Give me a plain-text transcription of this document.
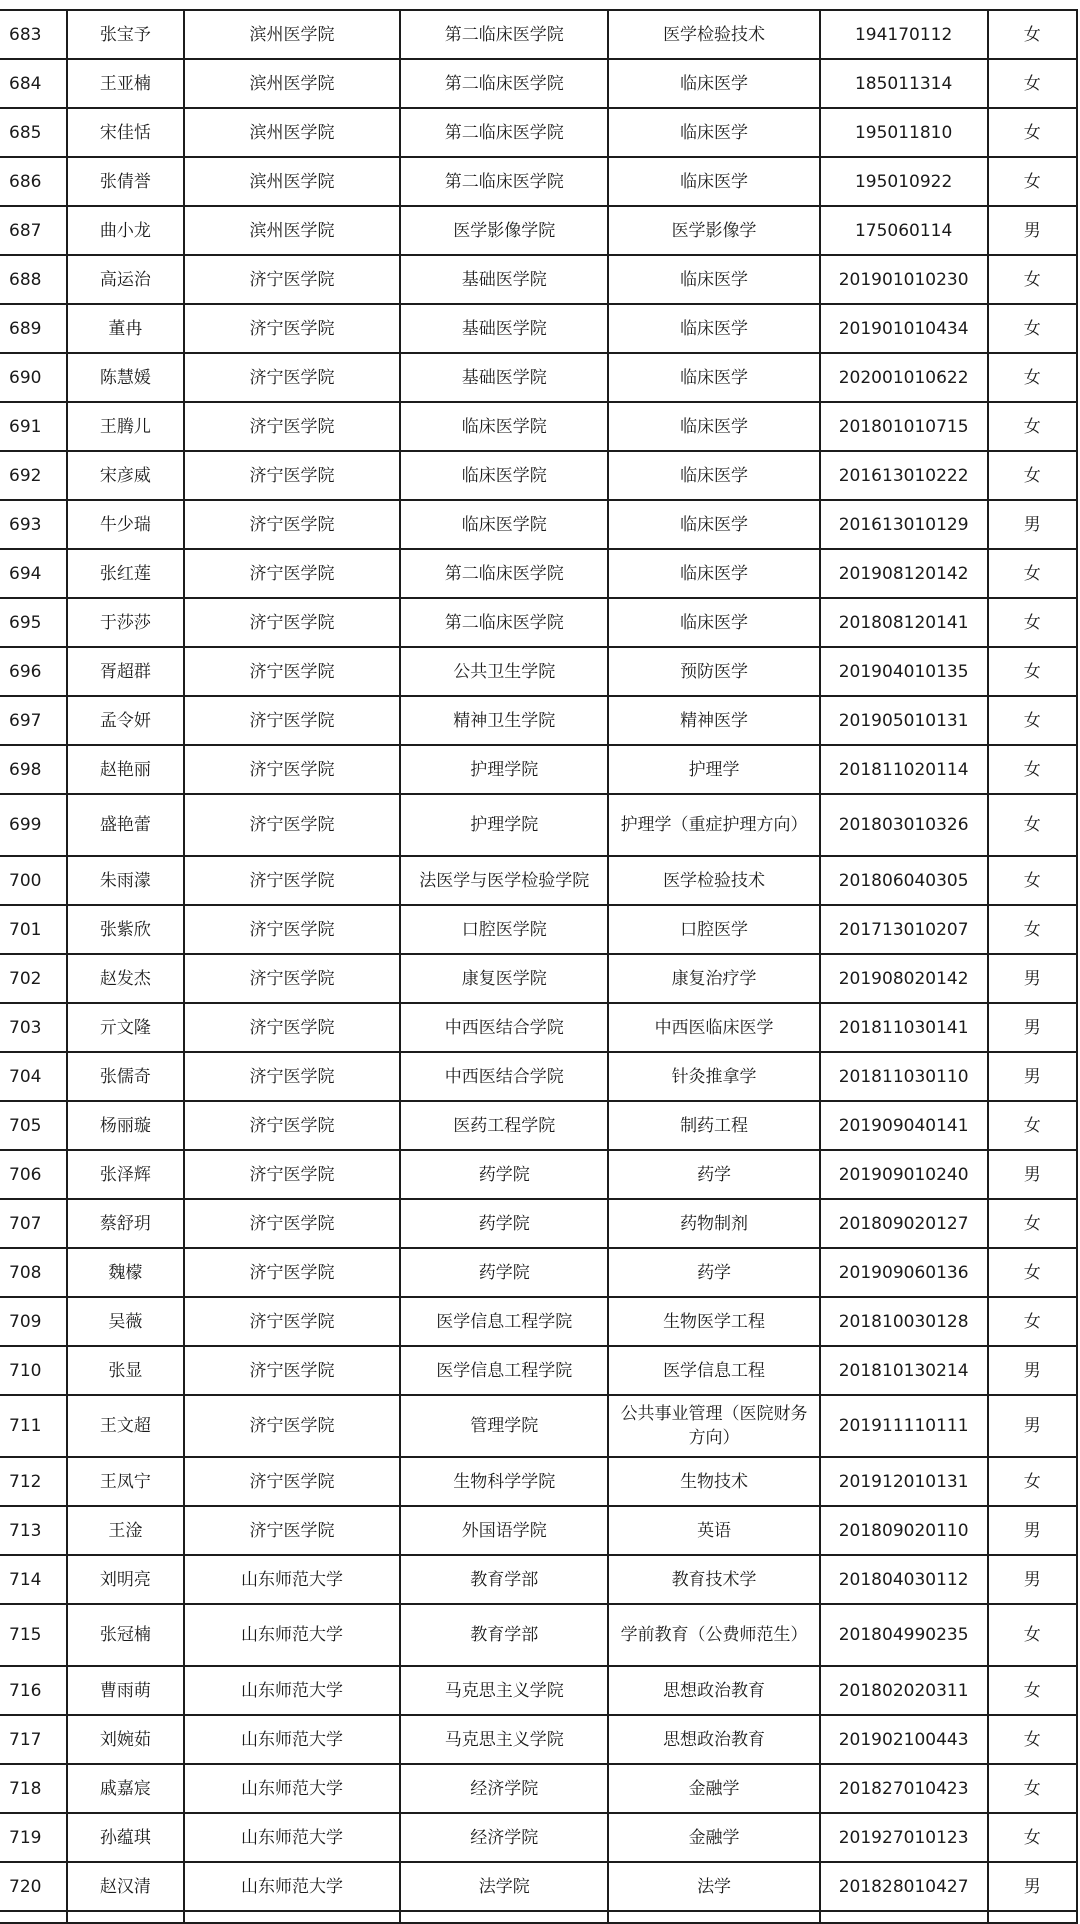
683	张宝予	滨州医学院	第二临床医学院	医学检验技术	194170112	女
684	王亚楠	滨州医学院	第二临床医学院	临床医学	185011314	女
685	宋佳恬	滨州医学院	第二临床医学院	临床医学	195011810	女
686	张倩誉	滨州医学院	第二临床医学院	临床医学	195010922	女
687	曲小龙	滨州医学院	医学影像学院	医学影像学	175060114	男
688	高运治	济宁医学院	基础医学院	临床医学	201901010230	女
689	董冉	济宁医学院	基础医学院	临床医学	201901010434	女
690	陈慧媛	济宁医学院	基础医学院	临床医学	202001010622	女
691	王腾儿	济宁医学院	临床医学院	临床医学	201801010715	女
692	宋彦威	济宁医学院	临床医学院	临床医学	201613010222	女
693	牛少瑞	济宁医学院	临床医学院	临床医学	201613010129	男
694	张红莲	济宁医学院	第二临床医学院	临床医学	201908120142	女
695	于莎莎	济宁医学院	第二临床医学院	临床医学	201808120141	女
696	胥超群	济宁医学院	公共卫生学院	预防医学	201904010135	女
697	孟令妍	济宁医学院	精神卫生学院	精神医学	201905010131	女
698	赵艳丽	济宁医学院	护理学院	护理学	201811020114	女
699	盛艳蕾	济宁医学院	护理学院	护理学（重症护理方向）	201803010326	女
700	朱雨濛	济宁医学院	法医学与医学检验学院	医学检验技术	201806040305	女
701	张紫欣	济宁医学院	口腔医学院	口腔医学	201713010207	女
702	赵发杰	济宁医学院	康复医学院	康复治疗学	201908020142	男
703	亓文隆	济宁医学院	中西医结合学院	中西医临床医学	201811030141	男
704	张儒奇	济宁医学院	中西医结合学院	针灸推拿学	201811030110	男
705	杨丽璇	济宁医学院	医药工程学院	制药工程	201909040141	女
706	张泽辉	济宁医学院	药学院	药学	201909010240	男
707	蔡舒玥	济宁医学院	药学院	药物制剂	201809020127	女
708	魏檬	济宁医学院	药学院	药学	201909060136	女
709	吴薇	济宁医学院	医学信息工程学院	生物医学工程	201810030128	女
710	张显	济宁医学院	医学信息工程学院	医学信息工程	201810130214	男
711	王文超	济宁医学院	管理学院	公共事业管理（医院财务方向）	201911110111	男
712	王凤宁	济宁医学院	生物科学学院	生物技术	201912010131	女
713	王淦	济宁医学院	外国语学院	英语	201809020110	男
714	刘明亮	山东师范大学	教育学部	教育技术学	201804030112	男
715	张冠楠	山东师范大学	教育学部	学前教育（公费师范生）	201804990235	女
716	曹雨萌	山东师范大学	马克思主义学院	思想政治教育	201802020311	女
717	刘婉茹	山东师范大学	马克思主义学院	思想政治教育	201902100443	女
718	戚嘉宸	山东师范大学	经济学院	金融学	201827010423	女
719	孙蕴琪	山东师范大学	经济学院	金融学	201927010123	女
720	赵汉清	山东师范大学	法学院	法学	201828010427	男
